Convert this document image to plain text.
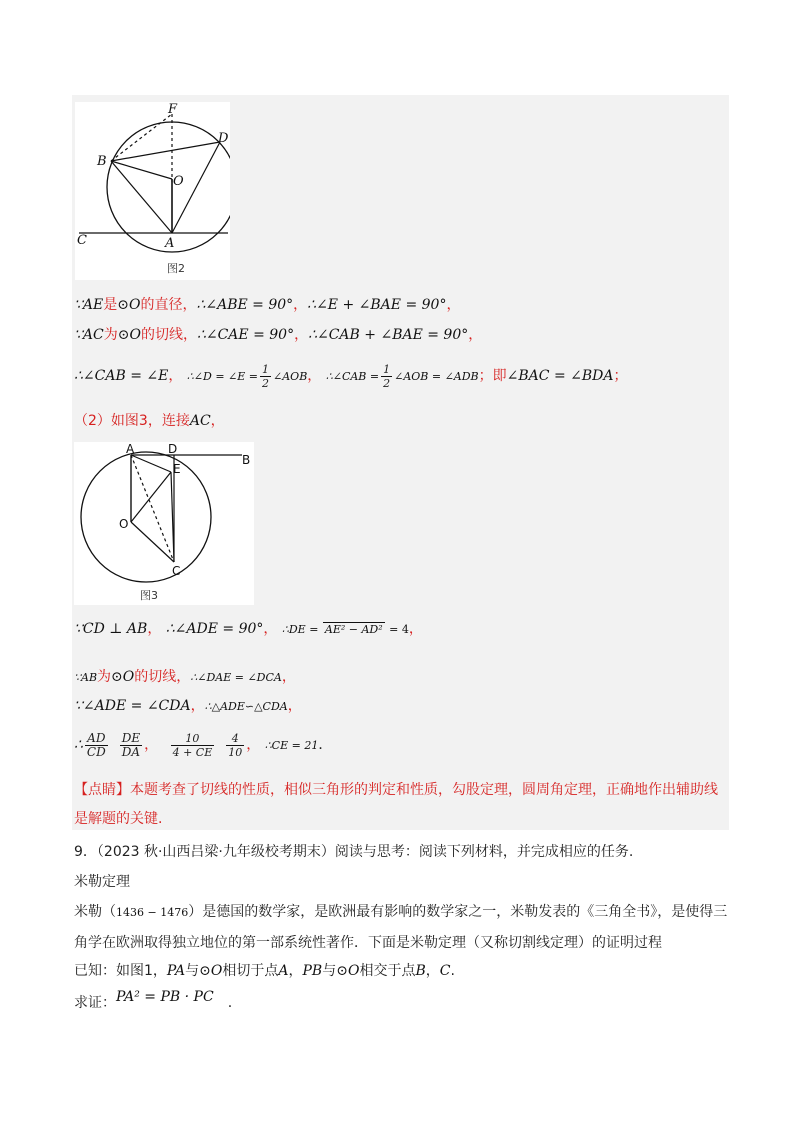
F
D
B
O
C	A
图2
∵AE是⊙O的直径，∴∠ABE = 90°，∴∠E + ∠BAE = 90°，
∵AC为⊙O的切线，∴∠CAE = 90°，∴∠CAB + ∠BAE = 90°，
∴∠CAB = ∠E， ∴∠D = ∠E = $\frac{1}{2}$ ∠AOB， ∴∠CAB = $\frac{1}{2}$ ∠AOB = ∠ADB；即∠BAC = ∠BDA；
（2）如图3，连接AC，
A	D
B
E
O
C
图3
∵CD ⊥ AB， ∴∠ADE = 90°， ∴DE = AE² − AD² = 4，
∵AB为⊙O的切线，∴∠DAE = ∠DCA，
∵∠ADE = ∠CDA，∴△ADE∽△CDA，
∴ $\frac{AD}{CD} \frac{DE}{DA}$ ， $\frac{10}{4 + CE} \frac{4}{10}$ ， ∴CE = 21．
【点睛】本题考查了切线的性质，相似三角形的判定和性质，勾股定理，圆周角定理，正确地作出辅助线
是解题的关键.
9．（2023 秋·山西吕梁·九年级校考期末）阅读与思考：阅读下列材料，并完成相应的任务.
米勒定理
米勒（1436 − 1476）是德国的数学家，是欧洲最有影响的数学家之一，米勒发表的《三角全书》，是使得三
角学在欧洲取得独立地位的第一部系统性著作．下面是米勒定理（又称切割线定理）的证明过程
已知：如图1，PA与⊙O相切于点A，PB与⊙O相交于点B，C.
求证：PA² = PB · PC .
